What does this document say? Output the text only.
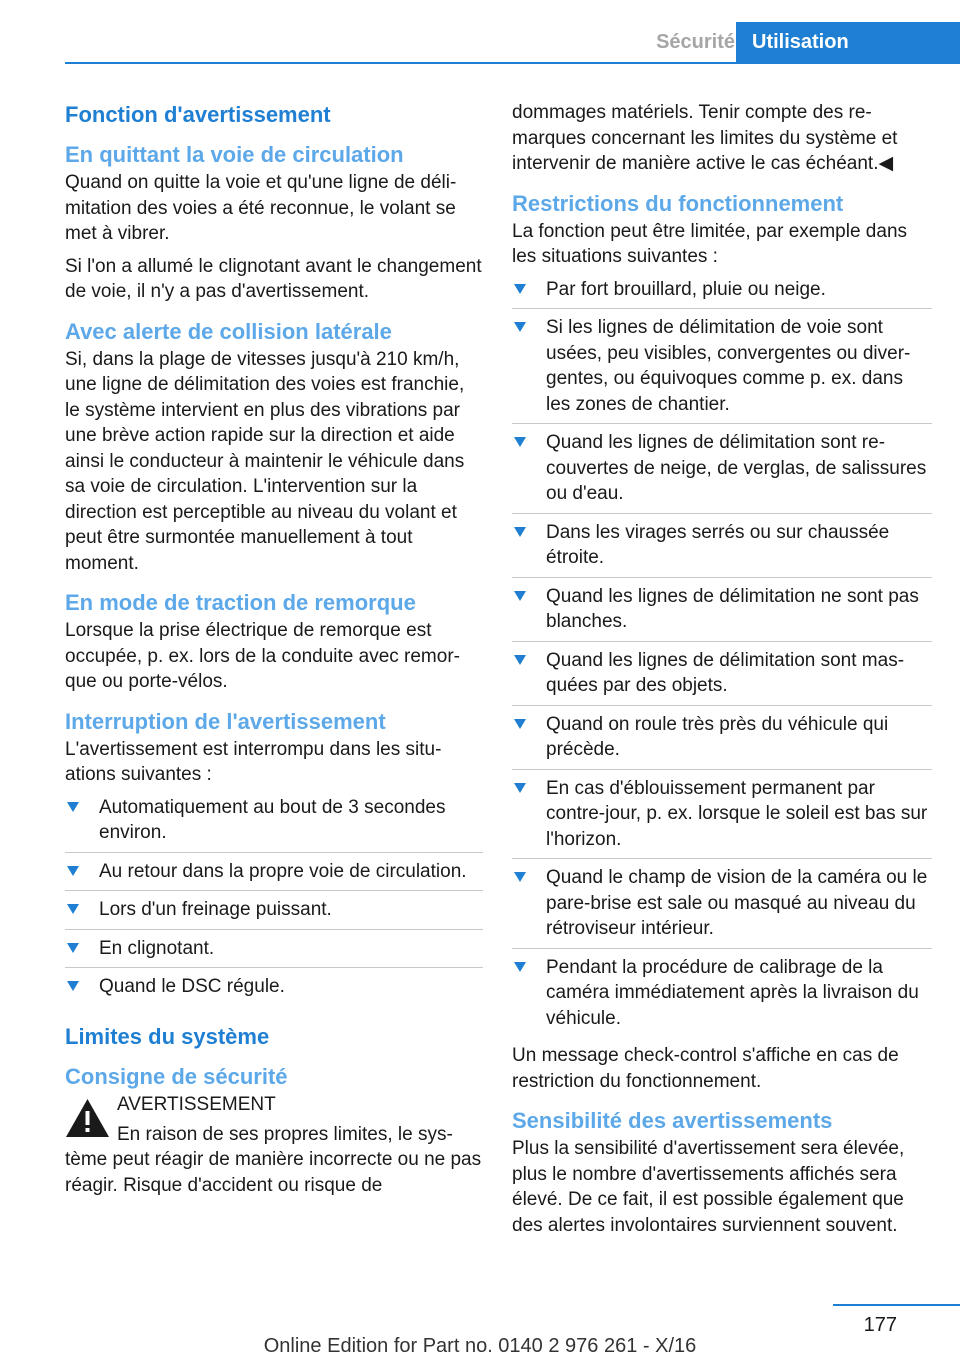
Sécurité Utilisation
Fonction d'avertissement
En quittant la voie de circulation

Quand on quitte la voie et qu'une ligne de délimitation des voies a été reconnue, le volant se met à vibrer.

Si l'on a allumé le clignotant avant le changement de voie, il n'y a pas d'avertissement.

Avec alerte de collision latérale

Si, dans la plage de vitesses jusqu'à 210 km/h, une ligne de délimitation des voies est franchie, le système intervient en plus des vibrations par une brève action rapide sur la direction et aide ainsi le conducteur à maintenir le véhicule dans sa voie de circulation. L'intervention sur la direction est perceptible au niveau du volant et peut être surmontée manuellement à tout moment.

En mode de traction de remorque

Lorsque la prise électrique de remorque est occupée, p. ex. lors de la conduite avec remorque ou porte-vélos.

Interruption de l'avertissement

L'avertissement est interrompu dans les situations suivantes :

Automatiquement au bout de 3 secondes environ.
Au retour dans la propre voie de circulation.
Lors d'un freinage puissant.
En clignotant.
Quand le DSC régule.
Limites du système
Consigne de sécurité
AVERTISSEMENT

En raison de ses propres limites, le système peut réagir de manière incorrecte ou ne pas réagir. Risque d'accident ou risque de

dommages matériels. Tenir compte des remarques concernant les limites du système et intervenir de manière active le cas échéant.◀

Restrictions du fonctionnement

La fonction peut être limitée, par exemple dans les situations suivantes :

Par fort brouillard, pluie ou neige.
Si les lignes de délimitation de voie sont usées, peu visibles, convergentes ou divergentes, ou équivoques comme p. ex. dans les zones de chantier.
Quand les lignes de délimitation sont recouvertes de neige, de verglas, de salissures ou d'eau.
Dans les virages serrés ou sur chaussée étroite.
Quand les lignes de délimitation ne sont pas blanches.
Quand les lignes de délimitation sont masquées par des objets.
Quand on roule très près du véhicule qui précède.
En cas d'éblouissement permanent par contre-jour, p. ex. lorsque le soleil est bas sur l'horizon.
Quand le champ de vision de la caméra ou le pare-brise est sale ou masqué au niveau du rétroviseur intérieur.
Pendant la procédure de calibrage de la caméra immédiatement après la livraison du véhicule.

Un message check-control s'affiche en cas de restriction du fonctionnement.

Sensibilité des avertissements

Plus la sensibilité d'avertissement sera élevée, plus le nombre d'avertissements affichés sera élevé. De ce fait, il est possible également que des alertes involontaires surviennent souvent.

177
Online Edition for Part no. 0140 2 976 261 - X/16
